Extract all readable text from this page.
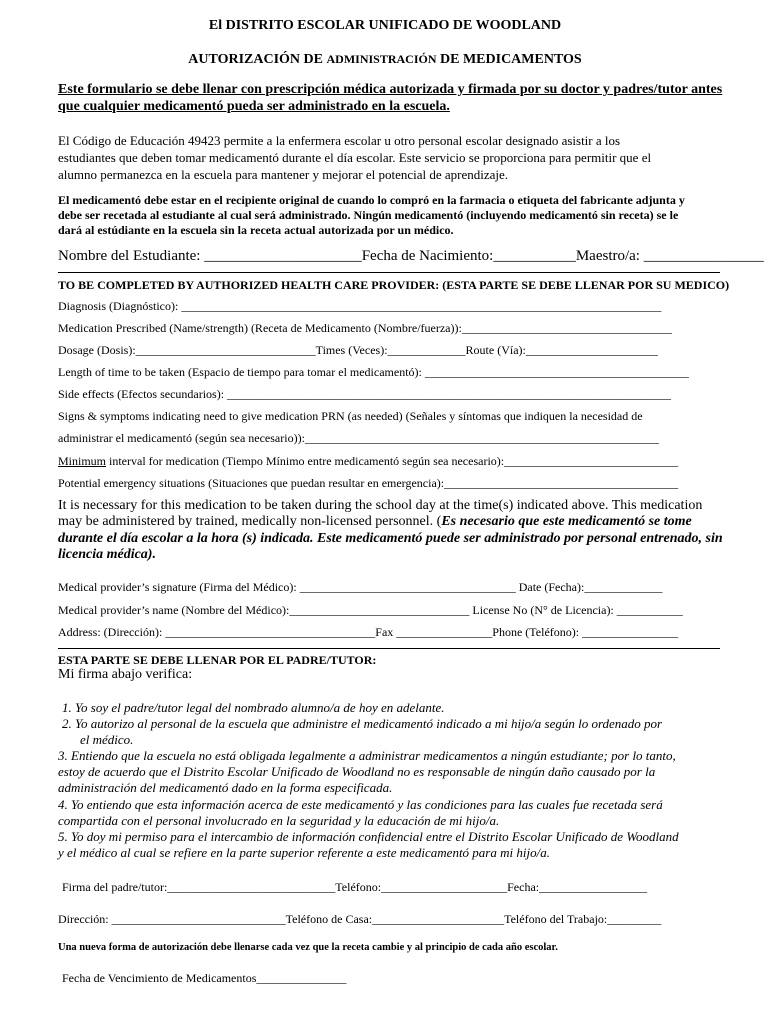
El DISTRITO ESCOLAR UNIFICADO DE WOODLAND
AUTORIZACIÓN DE ADMINISTRACIÓN DE MEDICAMENTOS
Este formulario se debe llenar con prescripción médica autorizada y firmada por su doctor y padres/tutor antes
que cualquier medicamentó pueda ser administrado en la escuela.
El Código de Educación 49423 permite a la enfermera escolar u otro personal escolar designado asistir a los
estudiantes que deben tomar medicamentó durante el día escolar. Este servicio se proporciona para permitir que el
alumno permanezca en la escuela para mantener y mejorar el potencial de aprendizaje.
El medicamentó debe estar en el recipiente original de cuando lo compró en la farmacia o etiqueta del fabricante adjunta y
debe ser recetada al estudiante al cual será administrado. Ningún medicamentó (incluyendo medicamentó sin receta) se le
dará al estúdiante en la escuela sin la receta actual autorizada por un médico.
Nombre del Estudiante: _____________________Fecha de Nacimiento:___________Maestro/a: ________________
TO BE COMPLETED BY AUTHORIZED HEALTH CARE PROVIDER: (ESTA PARTE SE DEBE LLENAR POR SU MEDICO)
Diagnosis (Diagnóstico): ________________________________________________________________________________
Medication Prescribed (Name/strength) (Receta de Medicamento (Nombre/fuerza)):___________________________________
Dosage (Dosis):______________________________Times (Veces):_____________Route (Vía):______________________
Length of time to be taken (Espacio de tiempo para tomar el medicamentó): ____________________________________________
Side effects (Efectos secundarios): __________________________________________________________________________
Signs & symptoms indicating need to give medication PRN (as needed) (Señales y síntomas que indiquen la necesidad de
administrar el medicamentó (según sea necesario)):___________________________________________________________
Minimum interval for medication (Tiempo Mínimo entre medicamentó según sea necesario):_____________________________
Potential emergency situations (Situaciones que puedan resultar en emergencia):_______________________________________
It is necessary for this medication to be taken during the school day at the time(s) indicated above. This medication
may be administered by trained, medically non-licensed personnel. (Es necesario que este medicamentó se tome
durante el día escolar a la hora (s) indicada. Este medicamentó puede ser administrado por personal entrenado, sin
licencia médica).
Medical provider’s signature (Firma del Médico): ____________________________________ Date (Fecha):_____________
Medical provider’s name (Nombre del Médico):______________________________ License No (N° de Licencia): ___________
Address: (Dirección): ___________________________________Fax ________________Phone (Teléfono): ________________
ESTA PARTE SE DEBE LLENAR POR EL PADRE/TUTOR:
Mi firma abajo verifica:
1. Yo soy el padre/tutor legal del nombrado alumno/a de hoy en adelante.
2. Yo autorizo al personal de la escuela que administre el medicamentó indicado a mi hijo/a según lo ordenado por
el médico.
3. Entiendo que la escuela no está obligada legalmente a administrar medicamentos a ningún estudiante; por lo tanto,
estoy de acuerdo que el Distrito Escolar Unificado de Woodland no es responsable de ningún daño causado por la
administración del medicamentó dado en la forma especificada.
4. Yo entiendo que esta información acerca de este medicamentó y las condiciones para las cuales fue recetada será
compartida con el personal involucrado en la seguridad y la educación de mi hijo/a.
5. Yo doy mi permiso para el intercambio de información confidencial entre el Distrito Escolar Unificado de Woodland
y el médico al cual se refiere en la parte superior referente a este medicamentó para mi hijo/a.
Firma del padre/tutor:____________________________Teléfono:_____________________Fecha:__________________
Dirección: _____________________________Teléfono de Casa:______________________Teléfono del Trabajo:_________
Una nueva forma de autorización debe llenarse cada vez que la receta cambie y al principio de cada año escolar.
Fecha de Vencimiento de Medicamentos_______________
